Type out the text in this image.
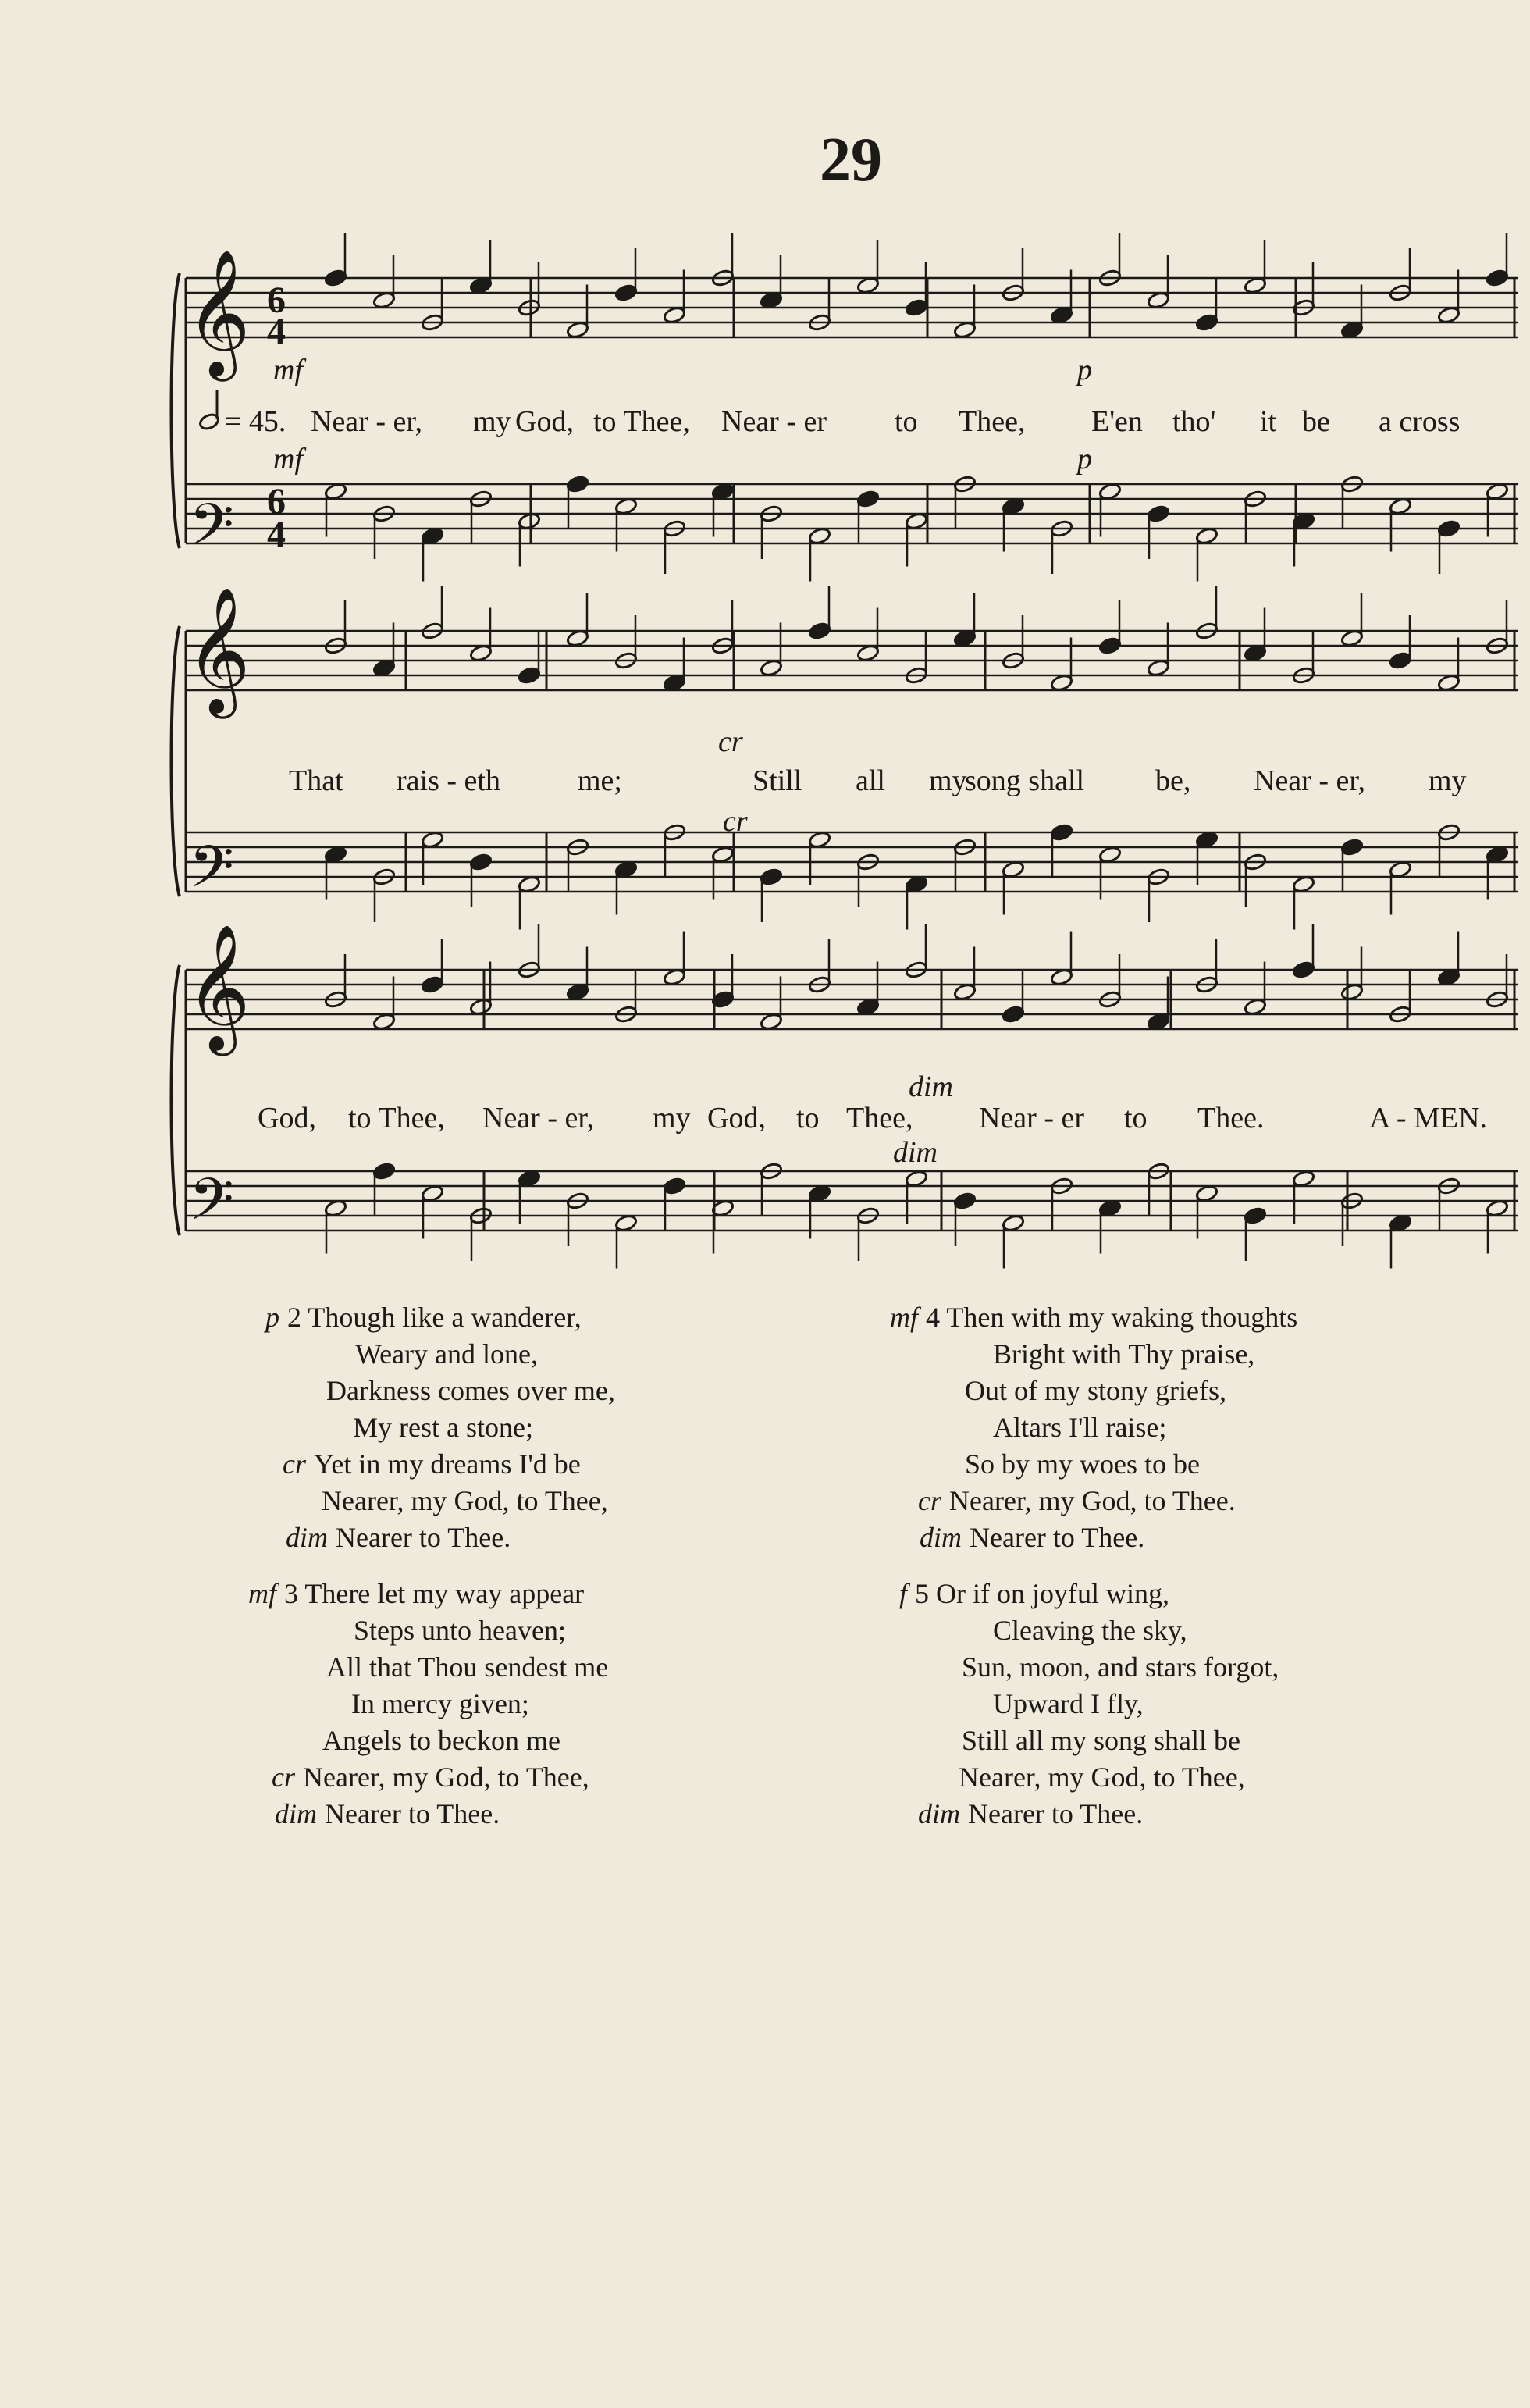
29
𝄞
𝄢
6
4
6
4
𝄞
𝄢
𝄞
𝄢
mf	p
mf	p
cr
cr
dim
dim
= 45. Near - er, my God, to Thee, Near - er to Thee, E'en tho' it be a cross
That rais - eth	me;	Still all my
song shall be, Near - er, my
God, to Thee, Near - er, my God, to Thee, Near - er to Thee.	A - MEN.
p 2 Though like a wanderer,
Weary and lone,
Darkness comes over me,
My rest a stone;
cr Yet in my dreams I'd be
Nearer, my God, to Thee,
dim Nearer to Thee.
mf 3 There let my way appear
Steps unto heaven;
All that Thou sendest me
In mercy given;
Angels to beckon me
cr Nearer, my God, to Thee,
dim Nearer to Thee.
mf 4 Then with my waking thoughts
Bright with Thy praise,
Out of my stony griefs,
Altars I'll raise;
So by my woes to be
cr Nearer, my God, to Thee.
dim Nearer to Thee.
f 5 Or if on joyful wing,
Cleaving the sky,
Sun, moon, and stars forgot,
Upward I fly,
Still all my song shall be
Nearer, my God, to Thee,
dim Nearer to Thee.
